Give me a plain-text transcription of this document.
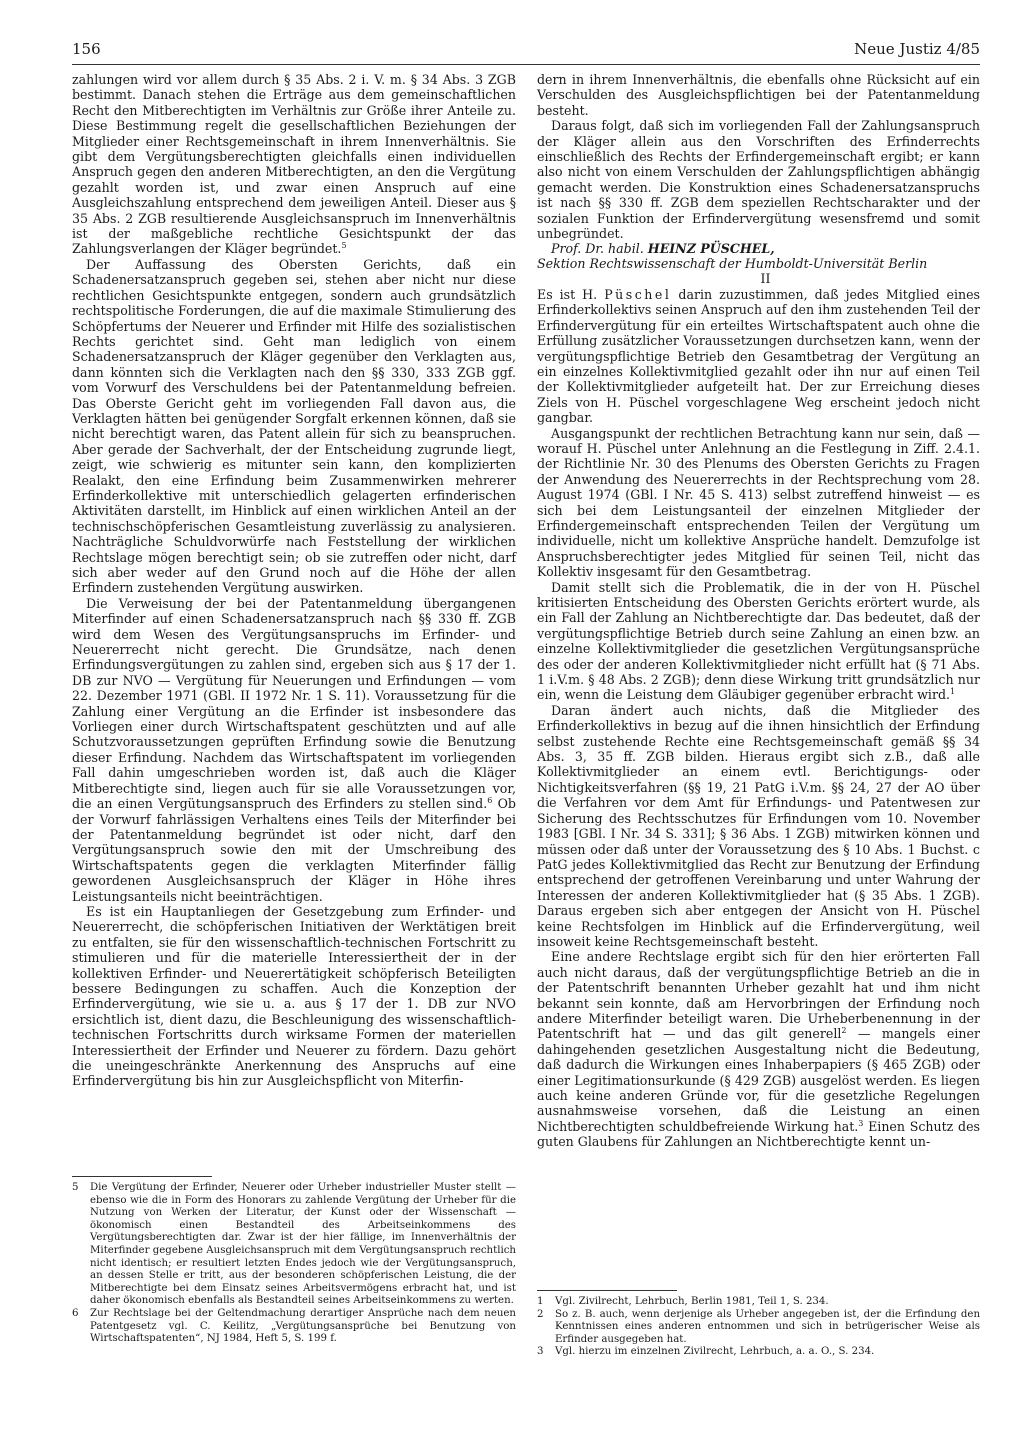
156	Neue Justiz 4/85

zahlungen wird vor allem durch § 35 Abs. 2 i. V. m. § 34 Abs. 3 ZGB bestimmt. Danach stehen die Erträge aus dem gemeinschaftlichen Recht den Mitberechtigten im Verhältnis zur Größe ihrer Anteile zu. Diese Bestimmung regelt die gesellschaftlichen Beziehungen der Mitglieder einer Rechtsgemeinschaft in ihrem Innenverhältnis. Sie gibt dem Vergütungsberechtigten gleichfalls einen individuellen Anspruch gegen den anderen Mitberechtigten, an den die Vergütung gezahlt worden ist, und zwar einen Anspruch auf eine Ausgleichszahlung entsprechend dem jeweiligen Anteil. Dieser aus § 35 Abs. 2 ZGB resultierende Ausgleichsanspruch im Innenverhältnis ist der maßgebliche rechtliche Gesichtspunkt der das Zahlungsverlangen der Kläger begründet.$^5$

Der Auffassung des Obersten Gerichts, daß ein Schadenersatzanspruch gegeben sei, stehen aber nicht nur diese rechtlichen Gesichtspunkte entgegen, sondern auch grundsätzlich rechtspolitische Forderungen, die auf die maximale Stimulierung des Schöpfertums der Neuerer und Erfinder mit Hilfe des sozialistischen Rechts gerichtet sind. Geht man lediglich von einem Schadenersatzanspruch der Kläger gegenüber den Verklagten aus, dann könnten sich die Verklagten nach den §§ 330, 333 ZGB ggf. vom Vorwurf des Verschuldens bei der Patentanmeldung befreien. Das Oberste Gericht geht im vorliegenden Fall davon aus, die Verklagten hätten bei genügender Sorgfalt erkennen können, daß sie nicht berechtigt waren, das Patent allein für sich zu beanspruchen. Aber gerade der Sachverhalt, der der Entscheidung zugrunde liegt, zeigt, wie schwierig es mitunter sein kann, den komplizierten Realakt, den eine Erfindung beim Zusammenwirken mehrerer Erfinderkollektive mit unterschiedlich gelagerten erfinderischen Aktivitäten darstellt, im Hinblick auf einen wirklichen Anteil an der technischschöpferischen Gesamtleistung zuverlässig zu analysieren. Nachträgliche Schuldvorwürfe nach Feststellung der wirklichen Rechtslage mögen berechtigt sein; ob sie zutreffen oder nicht, darf sich aber weder auf den Grund noch auf die Höhe der allen Erfindern zustehenden Vergütung auswirken.

Die Verweisung der bei der Patentanmeldung übergangenen Miterfinder auf einen Schadenersatzanspruch nach §§ 330 ff. ZGB wird dem Wesen des Vergütungsanspruchs im Erfinder- und Neuererrecht nicht gerecht. Die Grundsätze, nach denen Erfindungsvergütungen zu zahlen sind, ergeben sich aus § 17 der 1. DB zur NVO — Vergütung für Neuerungen und Erfindungen — vom 22. Dezember 1971 (GBl. II 1972 Nr. 1 S. 11). Voraussetzung für die Zahlung einer Vergütung an die Erfinder ist insbesondere das Vorliegen einer durch Wirtschaftspatent geschützten und auf alle Schutzvoraussetzungen geprüften Erfindung sowie die Benutzung dieser Erfindung. Nachdem das Wirtschaftspatent im vorliegenden Fall dahin umgeschrieben worden ist, daß auch die Kläger Mitberechtigte sind, liegen auch für sie alle Voraussetzungen vor, die an einen Vergütungsanspruch des Erfinders zu stellen sind.$^6$ Ob der Vorwurf fahrlässigen Verhaltens eines Teils der Miterfinder bei der Patentanmeldung begründet ist oder nicht, darf den Vergütungsanspruch sowie den mit der Umschreibung des Wirtschaftspatents gegen die verklagten Miterfinder fällig gewordenen Ausgleichsanspruch der Kläger in Höhe ihres Leistungsanteils nicht beeinträchtigen.

Es ist ein Hauptanliegen der Gesetzgebung zum Erfinder- und Neuererrecht, die schöpferischen Initiativen der Werktätigen breit zu entfalten, sie für den wissenschaftlich-technischen Fortschritt zu stimulieren und für die materielle Interessiertheit der in der kollektiven Erfinder- und Neuerertätigkeit schöpferisch Beteiligten bessere Bedingungen zu schaffen. Auch die Konzeption der Erfindervergütung, wie sie u. a. aus § 17 der 1. DB zur NVO ersichtlich ist, dient dazu, die Beschleunigung des wissenschaftlich-technischen Fortschritts durch wirksame Formen der materiellen Interessiertheit der Erfinder und Neuerer zu fördern. Dazu gehört die uneingeschränkte Anerkennung des Anspruchs auf eine Erfindervergütung bis hin zur Ausgleichspflicht von Miterfin-

dern in ihrem Innenverhältnis, die ebenfalls ohne Rücksicht auf ein Verschulden des Ausgleichspflichtigen bei der Patentanmeldung besteht.

Daraus folgt, daß sich im vorliegenden Fall der Zahlungsanspruch der Kläger allein aus den Vorschriften des Erfinderrechts einschließlich des Rechts der Erfindergemeinschaft ergibt; er kann also nicht von einem Verschulden der Zahlungspflichtigen abhängig gemacht werden. Die Konstruktion eines Schadenersatzanspruchs ist nach §§ 330 ff. ZGB dem speziellen Rechtscharakter und der sozialen Funktion der Erfindervergütung wesensfremd und somit unbegründet.

Prof. Dr. habil. HEINZ PÜSCHEL,
Sektion Rechtswissenschaft der Humboldt-Universität Berlin

II

Es ist H. Püschel darin zuzustimmen, daß jedes Mitglied eines Erfinderkollektivs seinen Anspruch auf den ihm zustehenden Teil der Erfindervergütung für ein erteiltes Wirtschaftspatent auch ohne die Erfüllung zusätzlicher Voraussetzungen durchsetzen kann, wenn der vergütungspflichtige Betrieb den Gesamtbetrag der Vergütung an ein einzelnes Kollektivmitglied gezahlt oder ihn nur auf einen Teil der Kollektivmitglieder aufgeteilt hat. Der zur Erreichung dieses Ziels von H. Püschel vorgeschlagene Weg erscheint jedoch nicht gangbar.

Ausgangspunkt der rechtlichen Betrachtung kann nur sein, daß — worauf H. Püschel unter Anlehnung an die Festlegung in Ziff. 2.4.1. der Richtlinie Nr. 30 des Plenums des Obersten Gerichts zu Fragen der Anwendung des Neuererrechts in der Rechtsprechung vom 28. August 1974 (GBl. I Nr. 45 S. 413) selbst zutreffend hinweist — es sich bei dem Leistungsanteil der einzelnen Mitglieder der Erfindergemeinschaft entsprechenden Teilen der Vergütung um individuelle, nicht um kollektive Ansprüche handelt. Demzufolge ist Anspruchsberechtigter jedes Mitglied für seinen Teil, nicht das Kollektiv insgesamt für den Gesamtbetrag.

Damit stellt sich die Problematik, die in der von H. Püschel kritisierten Entscheidung des Obersten Gerichts erörtert wurde, als ein Fall der Zahlung an Nichtberechtigte dar. Das bedeutet, daß der vergütungspflichtige Betrieb durch seine Zahlung an einen bzw. an einzelne Kollektivmitglieder die gesetzlichen Vergütungsansprüche des oder der anderen Kollektivmitglieder nicht erfüllt hat (§ 71 Abs. 1 i.V.m. § 48 Abs. 2 ZGB); denn diese Wirkung tritt grundsätzlich nur ein, wenn die Leistung dem Gläubiger gegenüber erbracht wird.$^1$

Daran ändert auch nichts, daß die Mitglieder des Erfinderkollektivs in bezug auf die ihnen hinsichtlich der Erfindung selbst zustehende Rechte eine Rechtsgemeinschaft gemäß §§ 34 Abs. 3, 35 ff. ZGB bilden. Hieraus ergibt sich z.B., daß alle Kollektivmitglieder an einem evtl. Berichtigungs- oder Nichtigkeitsverfahren (§§ 19, 21 PatG i.V.m. §§ 24, 27 der AO über die Verfahren vor dem Amt für Erfindungs- und Patentwesen zur Sicherung des Rechtsschutzes für Erfindungen vom 10. November 1983 [GBl. I Nr. 34 S. 331]; § 36 Abs. 1 ZGB) mitwirken können und müssen oder daß unter der Voraussetzung des § 10 Abs. 1 Buchst. c PatG jedes Kollektivmitglied das Recht zur Benutzung der Erfindung entsprechend der getroffenen Vereinbarung und unter Wahrung der Interessen der anderen Kollektivmitglieder hat (§ 35 Abs. 1 ZGB). Daraus ergeben sich aber entgegen der Ansicht von H. Püschel keine Rechtsfolgen im Hinblick auf die Erfindervergütung, weil insoweit keine Rechtsgemeinschaft besteht.

Eine andere Rechtslage ergibt sich für den hier erörterten Fall auch nicht daraus, daß der vergütungspflichtige Betrieb an die in der Patentschrift benannten Urheber gezahlt hat und ihm nicht bekannt sein konnte, daß am Hervorbringen der Erfindung noch andere Miterfinder beteiligt waren. Die Urheberbenennung in der Patentschrift hat — und das gilt generell$^2$ — mangels einer dahingehenden gesetzlichen Ausgestaltung nicht die Bedeutung, daß dadurch die Wirkungen eines Inhaberpapiers (§ 465 ZGB) oder einer Legitimationsurkunde (§ 429 ZGB) ausgelöst werden. Es liegen auch keine anderen Gründe vor, für die gesetzliche Regelungen ausnahmsweise vorsehen, daß die Leistung an einen Nichtberechtigten schuldbefreiende Wirkung hat.$^3$ Einen Schutz des guten Glaubens für Zahlungen an Nichtberechtigte kennt un-

5 Die Vergütung der Erfinder, Neuerer oder Urheber industrieller Muster stellt — ebenso wie die in Form des Honorars zu zahlende Vergütung der Urheber für die Nutzung von Werken der Literatur, der Kunst oder der Wissenschaft — ökonomisch einen Bestandteil des Arbeitseinkommens des Vergütungsberechtigten dar. Zwar ist der hier fällige, im Innenverhältnis der Miterfinder gegebene Ausgleichsanspruch mit dem Vergütungsanspruch rechtlich nicht identisch; er resultiert letzten Endes jedoch wie der Vergütungsanspruch, an dessen Stelle er tritt, aus der besonderen schöpferischen Leistung, die der Mitberechtigte bei dem Einsatz seines Arbeitsvermögens erbracht hat, und ist daher ökonomisch ebenfalls als Bestandteil seines Arbeitseinkommens zu werten.

6 Zur Rechtslage bei der Geltendmachung derartiger Ansprüche nach dem neuen Patentgesetz vgl. C. Keilitz, „Vergütungsansprüche bei Benutzung von Wirtschaftspatenten“, NJ 1984, Heft 5, S. 199 f.

1 Vgl. Zivilrecht, Lehrbuch, Berlin 1981, Teil 1, S. 234.

2 So z. B. auch, wenn derjenige als Urheber angegeben ist, der die Erfindung den Kenntnissen eines anderen entnommen und sich in betrügerischer Weise als Erfinder ausgegeben hat.

3 Vgl. hierzu im einzelnen Zivilrecht, Lehrbuch, a. a. O., S. 234.
